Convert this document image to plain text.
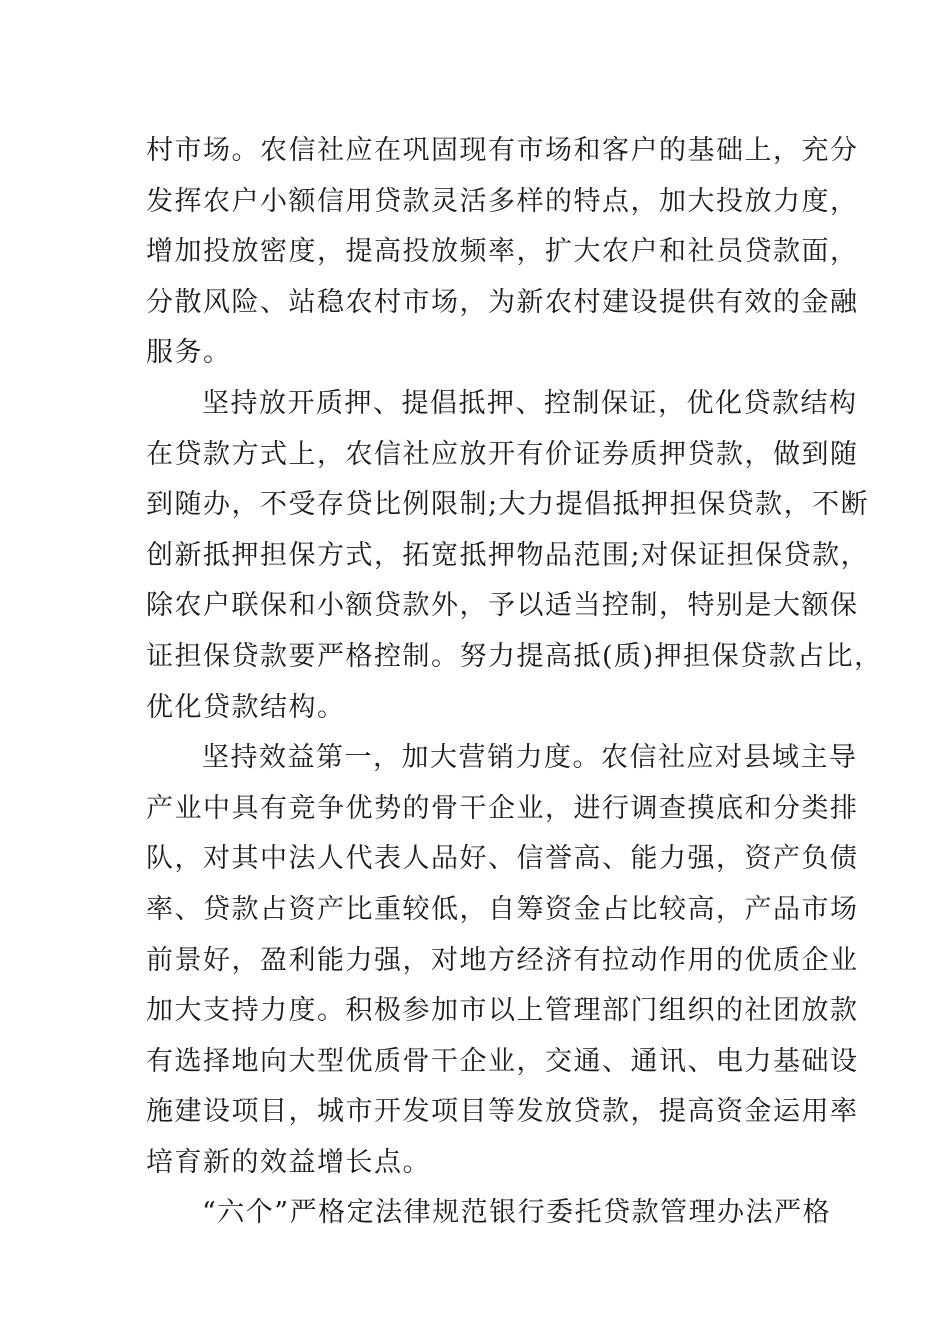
村市场。农信社应在巩固现有市场和客户的基础上，充分
发挥农户小额信用贷款灵活多样的特点，加大投放力度，
增加投放密度，提高投放频率，扩大农户和社员贷款面，
分散风险、站稳农村市场，为新农村建设提供有效的金融
服务。
坚持放开质押、提倡抵押、控制保证，优化贷款结构
在贷款方式上，农信社应放开有价证券质押贷款，做到随
到随办，不受存贷比例限制;大力提倡抵押担保贷款，不断
创新抵押担保方式，拓宽抵押物品范围;对保证担保贷款，
除农户联保和小额贷款外，予以适当控制，特别是大额保
证担保贷款要严格控制。努力提高抵(质)押担保贷款占比，
优化贷款结构。
坚持效益第一，加大营销力度。农信社应对县域主导
产业中具有竞争优势的骨干企业，进行调查摸底和分类排
队，对其中法人代表人品好、信誉高、能力强，资产负债
率、贷款占资产比重较低，自筹资金占比较高，产品市场
前景好，盈利能力强，对地方经济有拉动作用的优质企业
加大支持力度。积极参加市以上管理部门组织的社团放款
有选择地向大型优质骨干企业，交通、通讯、电力基础设
施建设项目，城市开发项目等发放贷款，提高资金运用率
培育新的效益增长点。
“六个”严格定法律规范银行委托贷款管理办法严格
